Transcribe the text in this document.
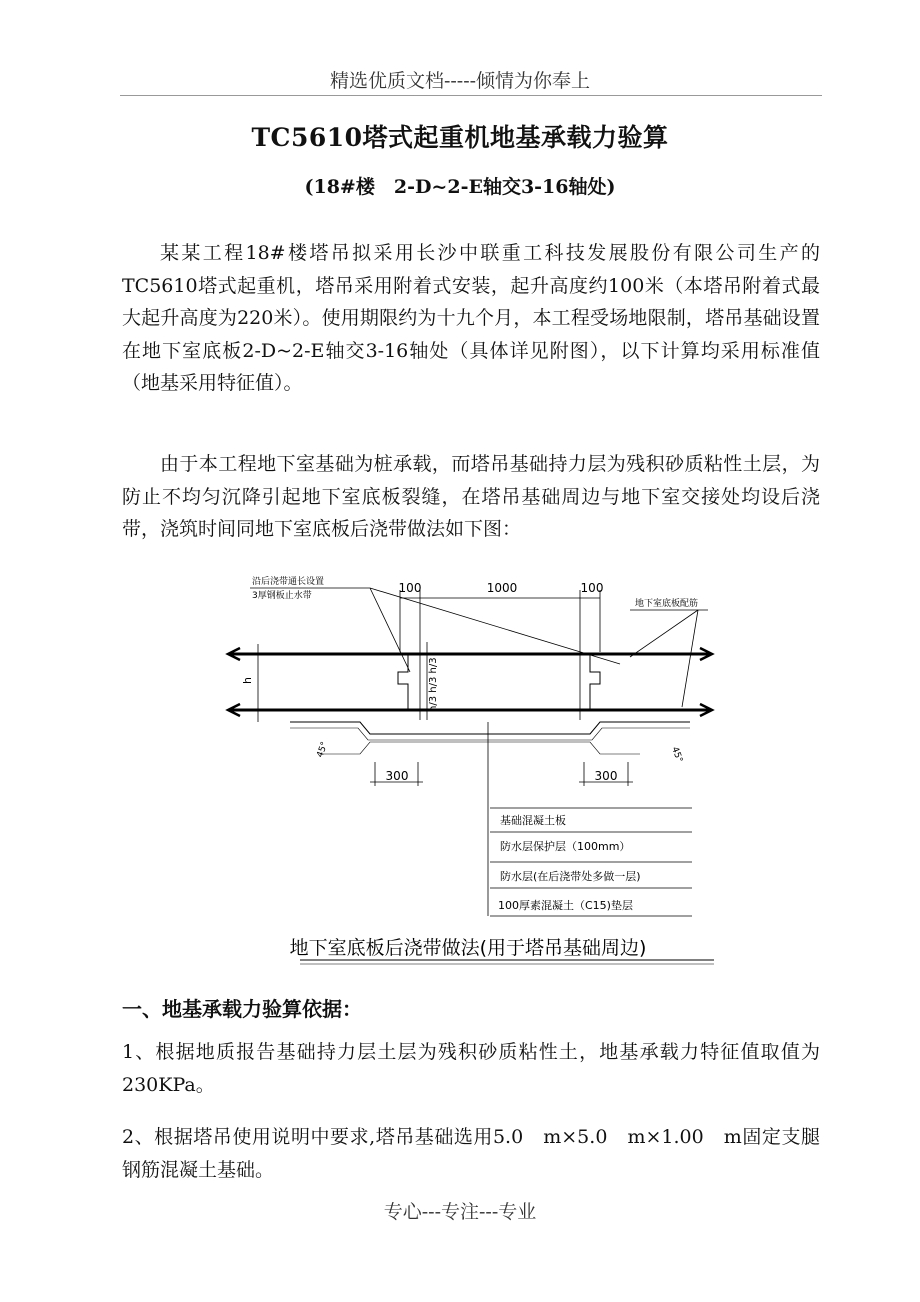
精选优质文档-----倾情为你奉上
TC5610塔式起重机地基承载力验算
(18#楼　2-D~2-E轴交3-16轴处)
某某工程18#楼塔吊拟采用长沙中联重工科技发展股份有限公司生产的TC5610塔式起重机，塔吊采用附着式安装，起升高度约100米（本塔吊附着式最大起升高度为220米）。使用期限约为十九个月，本工程受场地限制，塔吊基础设置在地下室底板2-D~2-E轴交3-16轴处（具体详见附图），以下计算均采用标准值（地基采用特征值）。
由于本工程地下室基础为桩承载，而塔吊基础持力层为残积砂质粘性土层，为防止不均匀沉降引起地下室底板裂缝，在塔吊基础周边与地下室交接处均设后浇带，浇筑时间同地下室底板后浇带做法如下图：
沿后浇带通长设置
3厚钢板止水带
地下室底板配筋
100	1000	100
h	h/3 h/3 h/3
45°	45°
300	300
基础混凝土板
防水层保护层（100mm）
防水层(在后浇带处多做一层)
100厚素混凝土（C15)垫层
地下室底板后浇带做法(用于塔吊基础周边)
一、地基承载力验算依据：
1、根据地质报告基础持力层土层为残积砂质粘性土，地基承载力特征值取值为230KPa。
2、根据塔吊使用说明中要求,塔吊基础选用5.0　m×5.0　m×1.00　m固定支腿钢筋混凝土基础。
专心---专注---专业
